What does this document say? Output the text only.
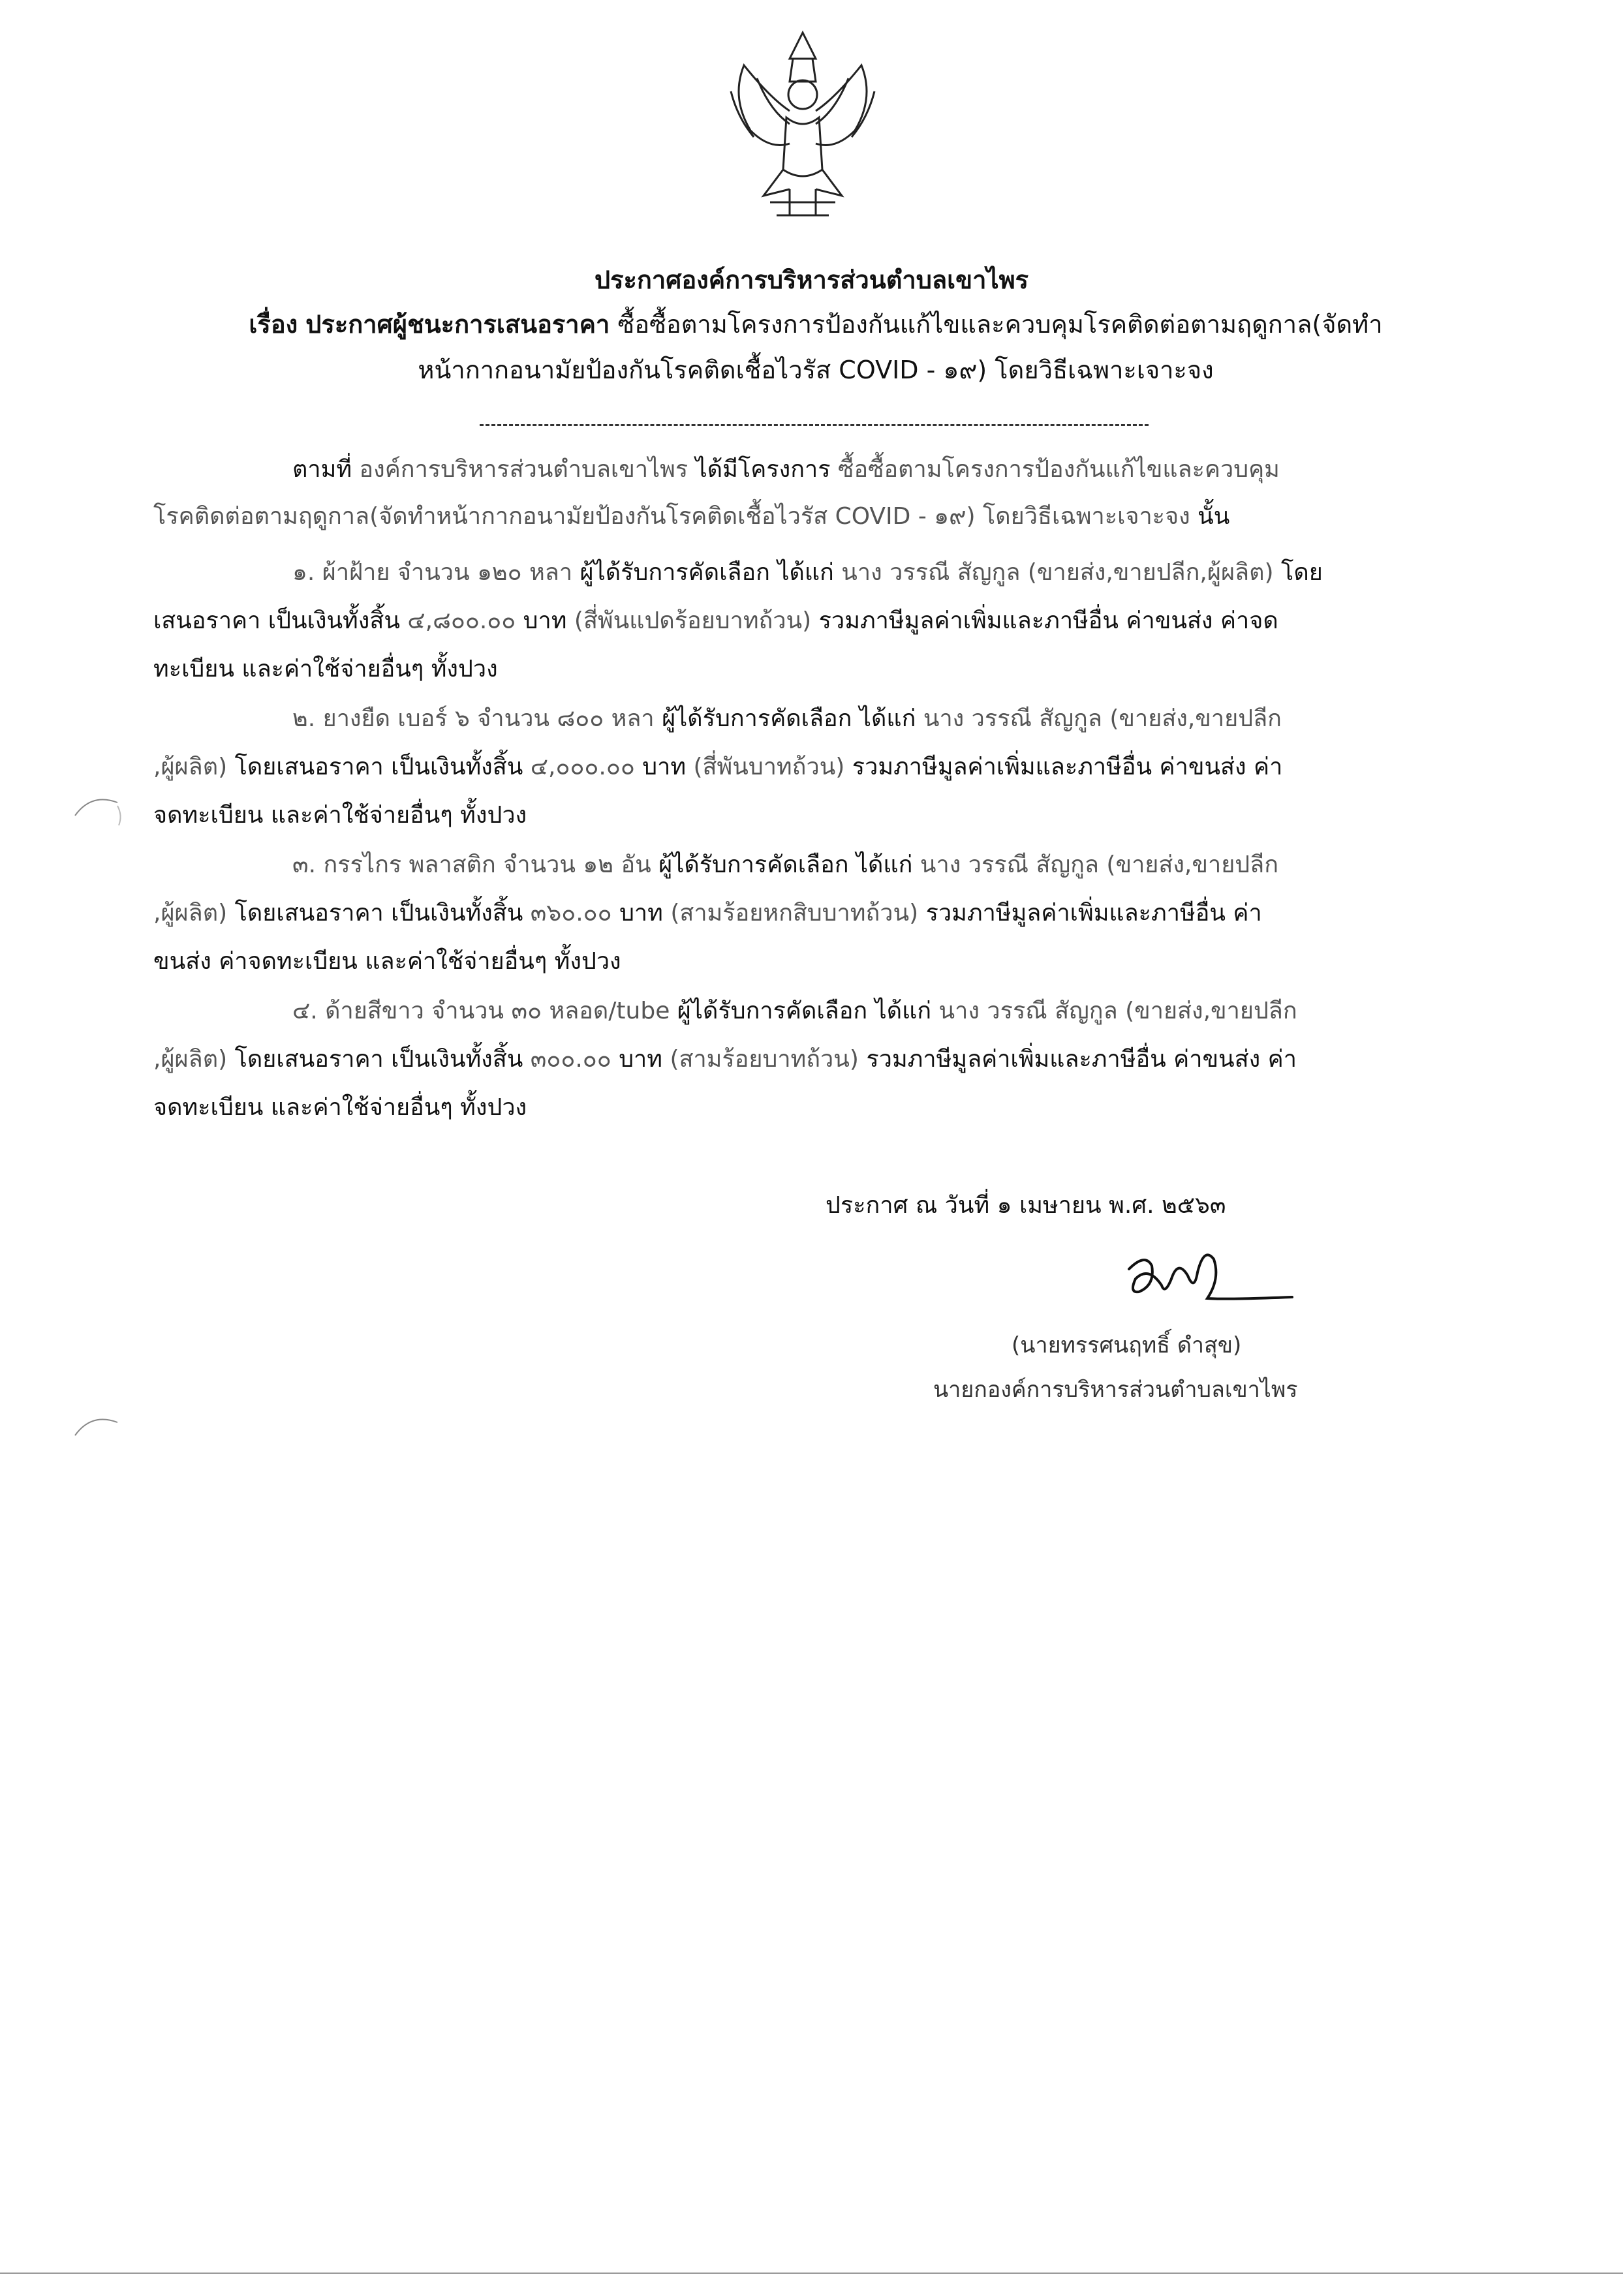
ประกาศองค์การบริหารส่วนตำบลเขาไพร
เรื่อง ประกาศผู้ชนะการเสนอราคา ซื้อซื้อตามโครงการป้องกันแก้ไขและควบคุมโรคติดต่อตามฤดูกาล(จัดทำ
หน้ากากอนามัยป้องกันโรคติดเชื้อไวรัส COVID - ๑๙) โดยวิธีเฉพาะเจาะจง
ตามที่ องค์การบริหารส่วนตำบลเขาไพร ได้มีโครงการ ซื้อซื้อตามโครงการป้องกันแก้ไขและควบคุม
โรคติดต่อตามฤดูกาล(จัดทำหน้ากากอนามัยป้องกันโรคติดเชื้อไวรัส COVID - ๑๙) โดยวิธีเฉพาะเจาะจง นั้น
๑. ผ้าฝ้าย จำนวน ๑๒๐ หลา ผู้ได้รับการคัดเลือก ได้แก่ นาง วรรณี สัญกูล (ขายส่ง,ขายปลีก,ผู้ผลิต) โดย
เสนอราคา เป็นเงินทั้งสิ้น ๔,๘๐๐.๐๐ บาท (สี่พันแปดร้อยบาทถ้วน) รวมภาษีมูลค่าเพิ่มและภาษีอื่น ค่าขนส่ง ค่าจด
ทะเบียน และค่าใช้จ่ายอื่นๆ ทั้งปวง
๒. ยางยืด เบอร์ ๖ จำนวน ๘๐๐ หลา ผู้ได้รับการคัดเลือก ได้แก่ นาง วรรณี สัญกูล (ขายส่ง,ขายปลีก
,ผู้ผลิต) โดยเสนอราคา เป็นเงินทั้งสิ้น ๔,๐๐๐.๐๐ บาท (สี่พันบาทถ้วน) รวมภาษีมูลค่าเพิ่มและภาษีอื่น ค่าขนส่ง ค่า
จดทะเบียน และค่าใช้จ่ายอื่นๆ ทั้งปวง
๓. กรรไกร พลาสติก จำนวน ๑๒ อัน ผู้ได้รับการคัดเลือก ได้แก่ นาง วรรณี สัญกูล (ขายส่ง,ขายปลีก
,ผู้ผลิต) โดยเสนอราคา เป็นเงินทั้งสิ้น ๓๖๐.๐๐ บาท (สามร้อยหกสิบบาทถ้วน) รวมภาษีมูลค่าเพิ่มและภาษีอื่น ค่า
ขนส่ง ค่าจดทะเบียน และค่าใช้จ่ายอื่นๆ ทั้งปวง
๔. ด้ายสีขาว จำนวน ๓๐ หลอด/tube ผู้ได้รับการคัดเลือก ได้แก่ นาง วรรณี สัญกูล (ขายส่ง,ขายปลีก
,ผู้ผลิต) โดยเสนอราคา เป็นเงินทั้งสิ้น ๓๐๐.๐๐ บาท (สามร้อยบาทถ้วน) รวมภาษีมูลค่าเพิ่มและภาษีอื่น ค่าขนส่ง ค่า
จดทะเบียน และค่าใช้จ่ายอื่นๆ ทั้งปวง
ประกาศ ณ วันที่ ๑ เมษายน พ.ศ. ๒๕๖๓
(นายทรรศนฤทธิ์ ดำสุข)
นายกองค์การบริหารส่วนตำบลเขาไพร
